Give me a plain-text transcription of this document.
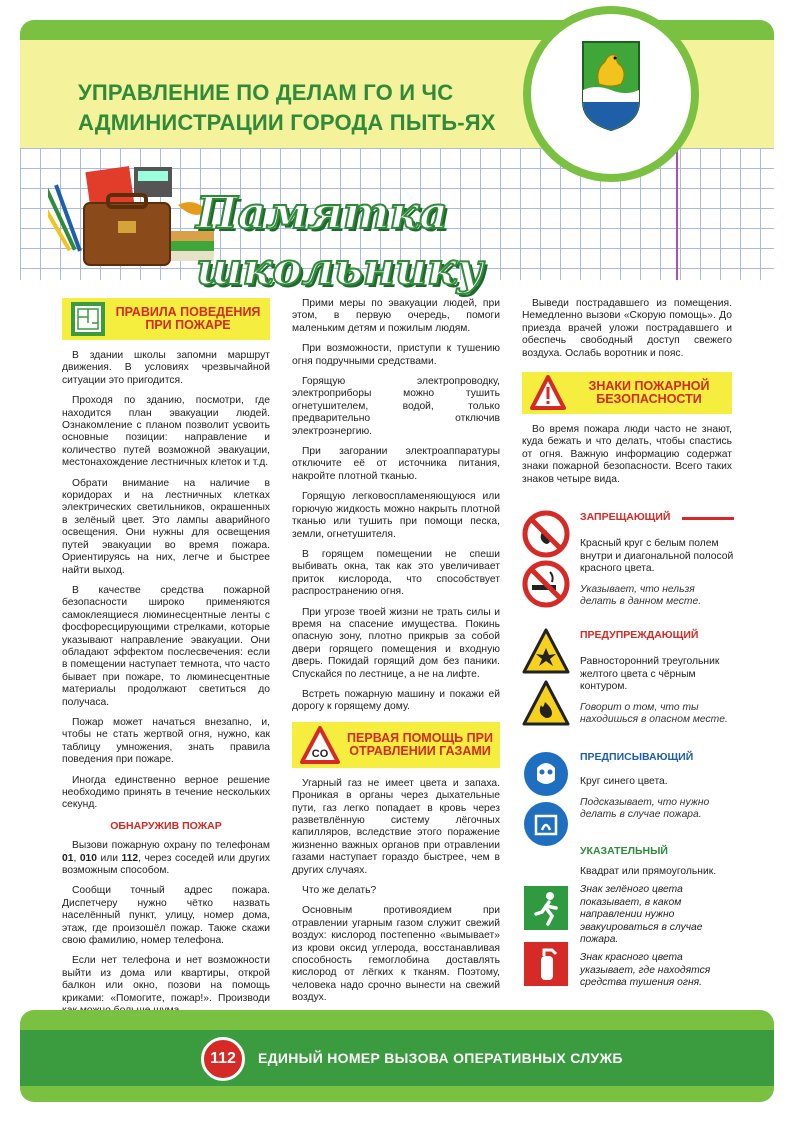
УПРАВЛЕНИЕ ПО ДЕЛАМ ГО И ЧС
АДМИНИСТРАЦИИ ГОРОДА ПЫТЬ-ЯХ
Памятка школьнику
ПРАВИЛА ПОВЕДЕНИЯ ПРИ ПОЖАРЕ

В здании школы запомни маршрут движения. В условиях чрезвычайной ситуации это пригодится.

Проходя по зданию, посмотри, где находится план эвакуации людей. Ознакомление с планом позволит усвоить основные позиции: направление и количество путей возможной эвакуации, местонахождение лестничных клеток и т.д.

Обрати внимание на наличие в коридорах и на лестничных клетках электрических светильников, окрашенных в зелёный цвет. Это лампы аварийного освещения. Они нужны для освещения путей эвакуации во время пожара. Ориентируясь на них, легче и быстрее найти выход.

В качестве средства пожарной безопасности широко применяются самоклеящиеся люминесцентные ленты с фосфоресцирующими стрелками, которые указывают направление эвакуации. Они обладают эффектом послесвечения: если в помещении наступает темнота, что часто бывает при пожаре, то люминесцентные материалы продолжают светиться до получаса.

Пожар может начаться внезапно, и, чтобы не стать жертвой огня, нужно, как таблицу умножения, знать правила поведения при пожаре.

Иногда единственно верное решение необходимо принять в течение нескольких секунд.

ОБНАРУЖИВ ПОЖАР

Вызови пожарную охрану по телефонам 01, 010 или 112, через соседей или других возможным способом.

Сообщи точный адрес пожара. Диспетчеру нужно чётко назвать населённый пункт, улицу, номер дома, этаж, где произошёл пожар. Также скажи свою фамилию, номер телефона.

Если нет телефона и нет возможности выйти из дома или квартиры, открой балкон или окно, позови на помощь криками: «Помогите, пожар!». Производи

Прими меры по эвакуации людей, при этом, в первую очередь, помоги маленьким детям и пожилым людям.

При возможности, приступи к тушению огня подручными средствами.

Горящую электропроводку, электроприборы можно тушить огнетушителем, водой, только предварительно отключив электроэнергию.

При загорании электроаппаратуры отключите её от источника питания, накройте плотной тканью.

Горящую легковоспламеняющуюся или горючую жидкость можно накрыть плотной тканью или тушить при помощи песка, земли, огнетушителя.

В горящем помещении не спеши выбивать окна, так как это увеличивает приток кислорода, что способствует распространению огня.

При угрозе твоей жизни не трать силы и время на спасение имущества. Покинь опасную зону, плотно прикрыв за собой двери горящего помещения и входную дверь. Покидай горящий дом без паники. Спускайся по лестнице, а не на лифте.

Встреть пожарную машину и покажи ей дорогу к горящему дому.

CO
ПЕРВАЯ ПОМОЩЬ ПРИ ОТРАВЛЕНИИ ГАЗАМИ

Угарный газ не имеет цвета и запаха. Проникая в органы через дыхательные пути, газ легко попадает в кровь через разветвлённую систему лёгочных капилляров, вследствие этого поражение жизненно важных органов при отравлении газами наступает гораздо быстрее, чем в других случаях.

Что же делать?

Основным противоядием при отравлении угарным газом служит свежий воздух: кислород постепенно «вымывает» из крови оксид углерода, восстанавливая способность гемоглобина доставлять кислород от лёгких к тканям. Поэтому, человека надо срочно вынести на свежий воздух.

Выведи пострадавшего из помещения. Немедленно вызови «Скорую помощь». До приезда врачей уложи пострадавшего и обеспечь свободный доступ свежего воздуха. Ослабь воротник и пояс.

ЗНАКИ ПОЖАРНОЙ БЕЗОПАСНОСТИ

Во время пожара люди часто не знают, куда бежать и что делать, чтобы спастись от огня. Важную информацию содержат знаки пожарной безопасности. Всего таких знаков четыре вида.

ЗАПРЕЩАЮЩИЙ
Красный круг с белым полем внутри и диагональной полосой красного цвета.
Указывает, что нельзя делать в данном месте.
ПРЕДУПРЕЖДАЮЩИЙ
Равносторонний треугольник желтого цвета с чёрным контуром.
Говорит о том, что ты находишься в опасном месте.
ПРЕДПИСЫВАЮЩИЙ
Круг синего цвета.
Подсказывает, что нужно делать в случае пожара.
УКАЗАТЕЛЬНЫЙ
Квадрат или прямоугольник.
Знак зелёного цвета показывает, в каком направлении нужно эвакуироваться в случае пожара.
Знак красного цвета указывает, где находятся средства тушения огня.
112	ЕДИНЫЙ НОМЕР ВЫЗОВА ОПЕРАТИВНЫХ СЛУЖБ
